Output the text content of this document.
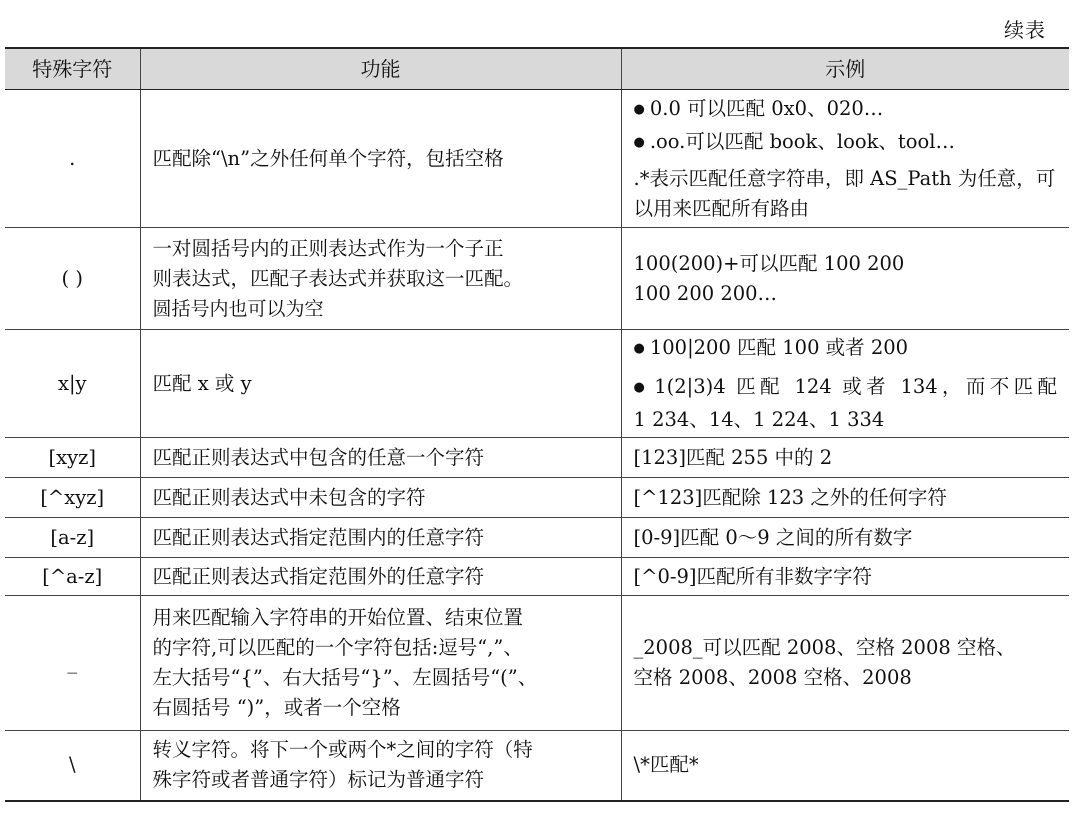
续表
特殊字符	功能	示例
.	匹配除“\n”之外任何单个字符，包括空格	● 0.0 可以匹配 0x0、020…
● .oo.可以匹配 book、look、tool…
.*表示匹配任意字符串，即 AS_Path 为任意，可以用来匹配所有路由

( )	一对圆括号内的正则表达式作为一个子正
则表达式，匹配子表达式并获取这一匹配。
圆括号内也可以为空	100(200)+可以匹配 100 200
100 200 200…

x|y	匹配 x 或 y	● 100|200 匹配 100 或者 200
● 1(2|3)4 匹配 124 或者 134，而不匹配
1 234、14、1 224、1 334

[xyz]	匹配正则表达式中包含的任意一个字符	[123]匹配 255 中的 2
[^xyz]	匹配正则表达式中未包含的字符	[^123]匹配除 123 之外的任何字符
[a-z]	匹配正则表达式指定范围内的任意字符	[0-9]匹配 0～9 之间的所有数字
[^a-z]	匹配正则表达式指定范围外的任意字符	[^0-9]匹配所有非数字字符
_	用来匹配输入字符串的开始位置、结束位置
的字符,可以匹配的一个字符包括:逗号“,”、
左大括号“{”、右大括号“}”、左圆括号“(”、
右圆括号 “)”，或者一个空格	_2008_可以匹配 2008、空格 2008 空格、
空格 2008、2008 空格、2008

\	转义字符。将下一个或两个*之间的字符（特
殊字符或者普通字符）标记为普通字符	\*匹配*
